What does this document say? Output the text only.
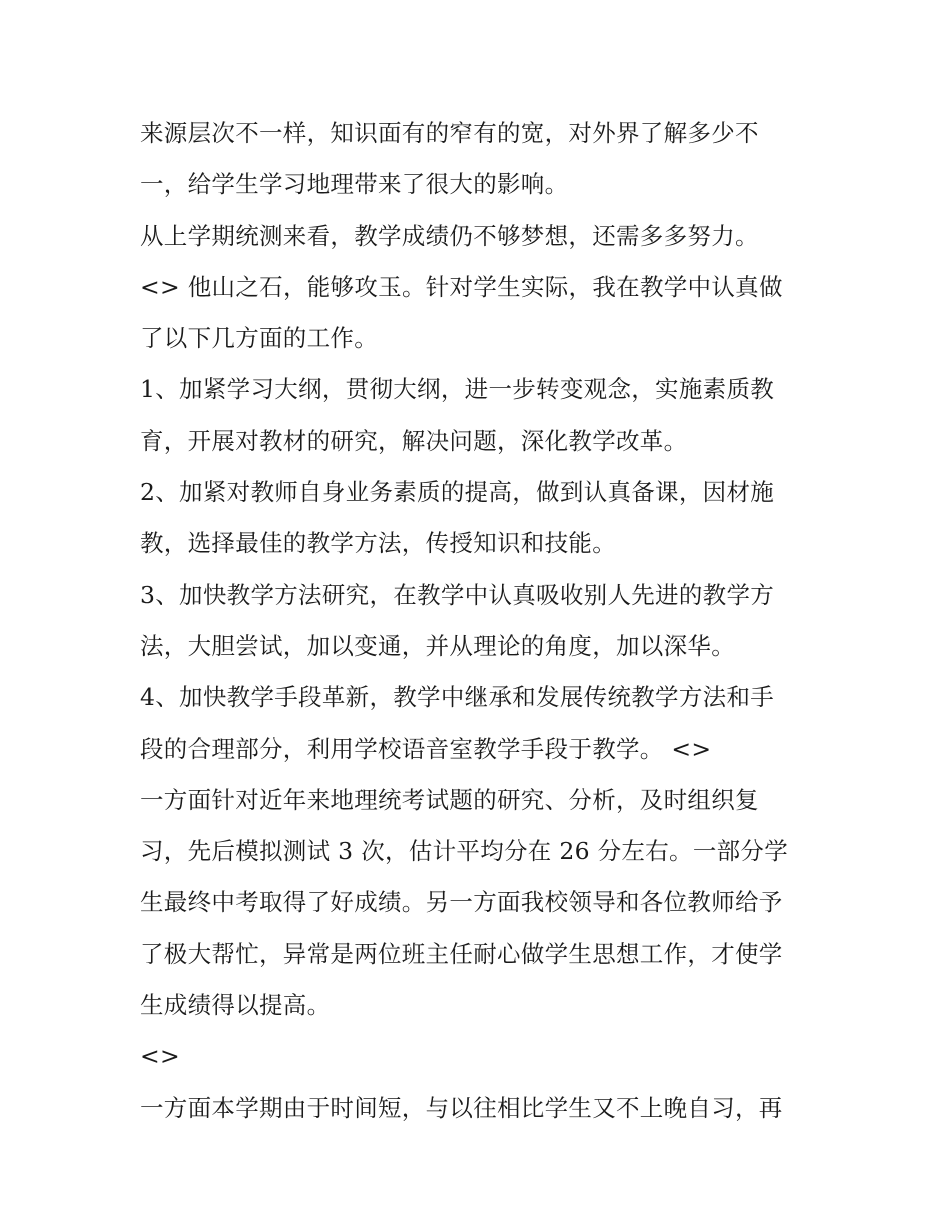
来源层次不一样，知识面有的窄有的宽，对外界了解多少不
一，给学生学习地理带来了很大的影响。
从上学期统测来看，教学成绩仍不够梦想，还需多多努力。
<> 他山之石，能够攻玉。针对学生实际，我在教学中认真做
了以下几方面的工作。
1、加紧学习大纲，贯彻大纲，进一步转变观念，实施素质教
育，开展对教材的研究，解决问题，深化教学改革。
2、加紧对教师自身业务素质的提高，做到认真备课，因材施
教，选择最佳的教学方法，传授知识和技能。
3、加快教学方法研究，在教学中认真吸收别人先进的教学方
法，大胆尝试，加以变通，并从理论的角度，加以深华。
4、加快教学手段革新，教学中继承和发展传统教学方法和手
段的合理部分，利用学校语音室教学手段于教学。 <>
一方面针对近年来地理统考试题的研究、分析，及时组织复
习，先后模拟测试 3 次，估计平均分在 26 分左右。一部分学
生最终中考取得了好成绩。另一方面我校领导和各位教师给予
了极大帮忙，异常是两位班主任耐心做学生思想工作，才使学
生成绩得以提高。
<>
一方面本学期由于时间短，与以往相比学生又不上晚自习，再
